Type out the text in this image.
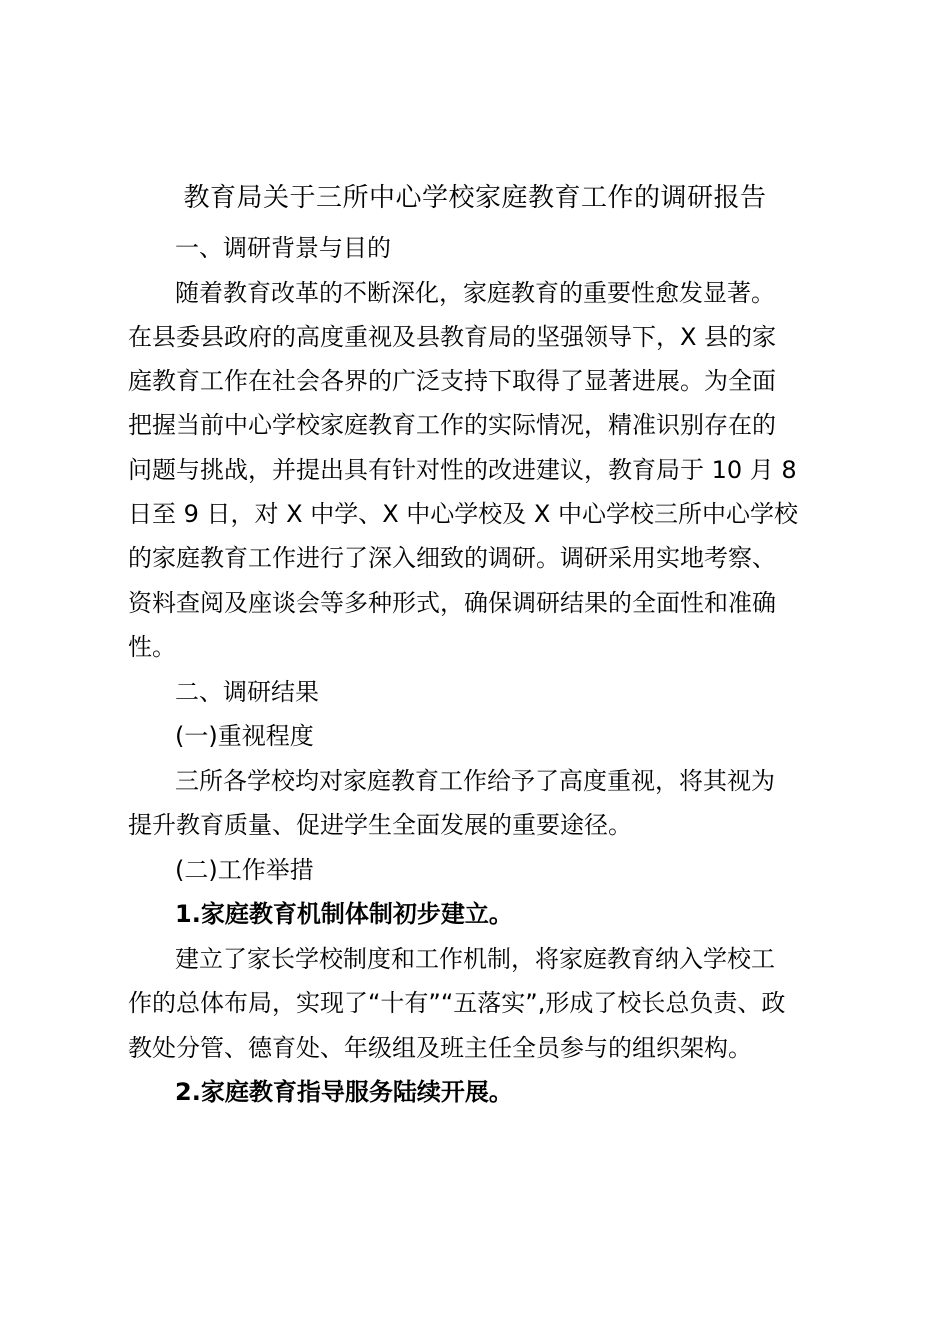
教育局关于三所中心学校家庭教育工作的调研报告

一、调研背景与目的

随着教育改革的不断深化，家庭教育的重要性愈发显著。

在县委县政府的高度重视及县教育局的坚强领导下，X 县的家

庭教育工作在社会各界的广泛支持下取得了显著进展。为全面

把握当前中心学校家庭教育工作的实际情况，精准识别存在的

问题与挑战，并提出具有针对性的改进建议，教育局于 10 月 8

日至 9 日，对 X 中学、X 中心学校及 X 中心学校三所中心学校

的家庭教育工作进行了深入细致的调研。调研采用实地考察、

资料查阅及座谈会等多种形式，确保调研结果的全面性和准确

性。

二、调研结果

(一)重视程度

三所各学校均对家庭教育工作给予了高度重视，将其视为

提升教育质量、促进学生全面发展的重要途径。

(二)工作举措

1.家庭教育机制体制初步建立。

建立了家长学校制度和工作机制，将家庭教育纳入学校工

作的总体布局，实现了“十有”“五落实”,形成了校长总负责、政

教处分管、德育处、年级组及班主任全员参与的组织架构。

2.家庭教育指导服务陆续开展。
